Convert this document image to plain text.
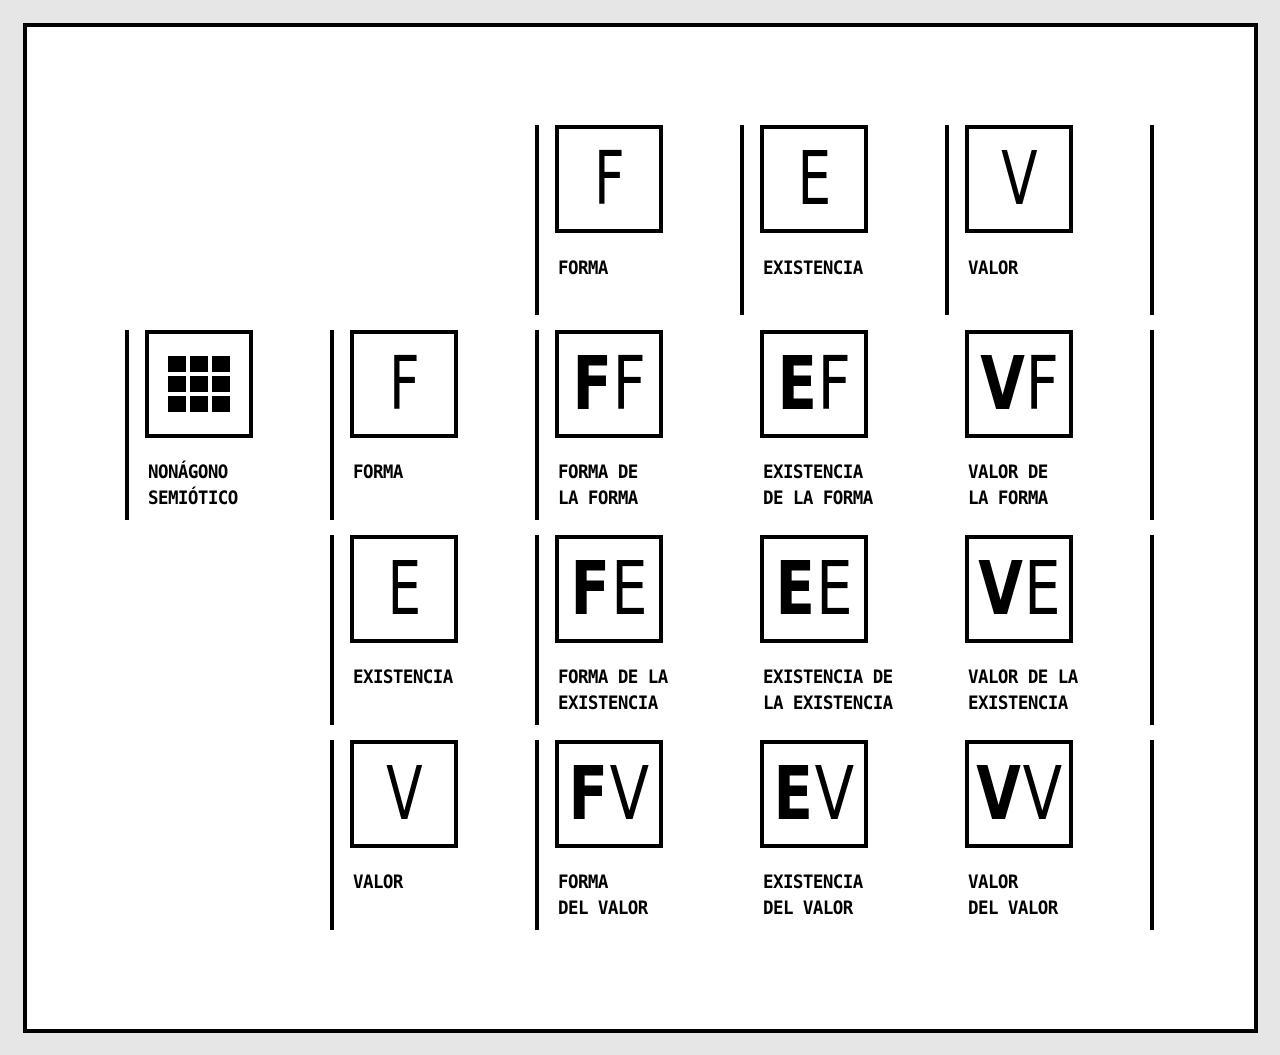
F
FORMA
E
EXISTENCIA
V
VALOR
NONÁGONO
SEMIÓTICO
F
FORMA
F F
FORMA DE
LA FORMA
E F
EXISTENCIA
DE LA FORMA
V F
VALOR DE
LA FORMA
E
EXISTENCIA
F E
FORMA DE LA
EXISTENCIA
E E
EXISTENCIA DE
LA EXISTENCIA
V E
VALOR DE LA
EXISTENCIA
V
VALOR
F V
FORMA
DEL VALOR
E V
EXISTENCIA
DEL VALOR
V V
VALOR
DEL VALOR
